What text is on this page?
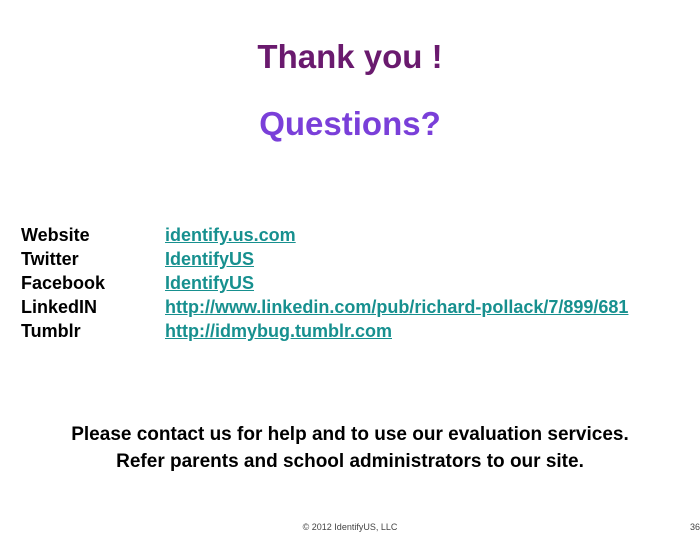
Thank you !
Questions?
Website	identify.us.com
Twitter	IdentifyUS
Facebook	IdentifyUS
LinkedIN	http://www.linkedin.com/pub/richard-pollack/7/899/681
Tumblr	http://idmybug.tumblr.com
Please contact us for help and to use our evaluation services.
Refer parents and school administrators to our site.
© 2012 IdentifyUS, LLC	36
